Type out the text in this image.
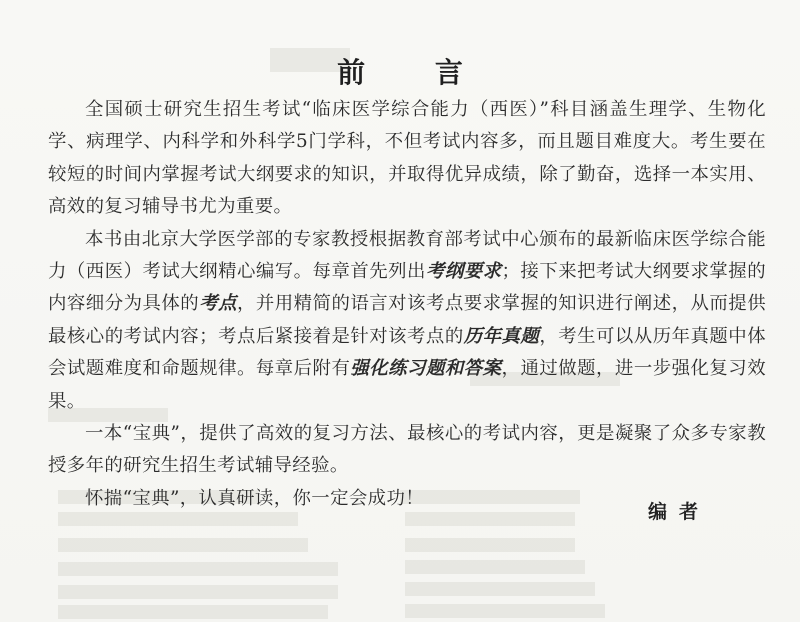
前 言

全国硕士研究生招生考试“临床医学综合能力（西医）”科目涵盖生理学、生物化学、病理学、内科学和外科学5门学科，不但考试内容多，而且题目难度大。考生要在较短的时间内掌握考试大纲要求的知识，并取得优异成绩，除了勤奋，选择一本实用、高效的复习辅导书尤为重要。

本书由北京大学医学部的专家教授根据教育部考试中心颁布的最新临床医学综合能力（西医）考试大纲精心编写。每章首先列出考纲要求；接下来把考试大纲要求掌握的内容细分为具体的考点，并用精简的语言对该考点要求掌握的知识进行阐述，从而提供最核心的考试内容；考点后紧接着是针对该考点的历年真题，考生可以从历年真题中体会试题难度和命题规律。每章后附有强化练习题和答案，通过做题，进一步强化复习效果。

一本“宝典”，提供了高效的复习方法、最核心的考试内容，更是凝聚了众多专家教授多年的研究生招生考试辅导经验。

怀揣“宝典”，认真研读，你一定会成功！

编者
